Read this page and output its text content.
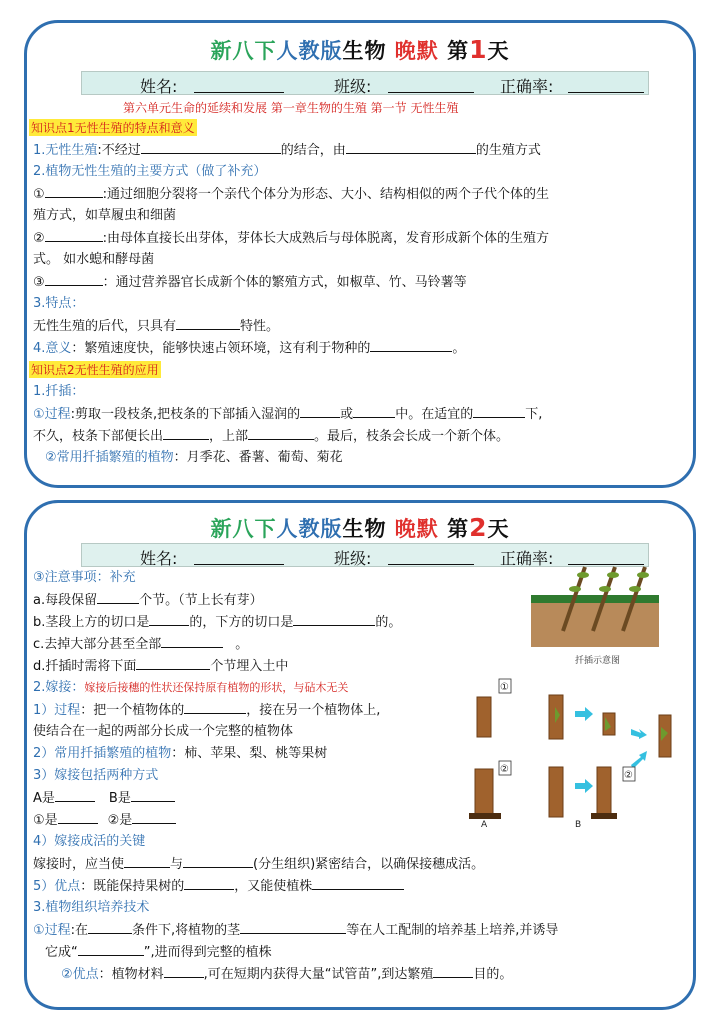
新八下人教版生物 晚默 第1天
姓名:	班级:	正确率:
第六单元生命的延续和发展 第一章生物的生殖 第一节 无性生殖
知识点1无性生殖的特点和意义
1.无性生殖:不经过	的结合，由	的生殖方式
2.植物无性生殖的主要方式（做了补充）
①	:通过细胞分裂将一个亲代个体分为形态、大小、结构相似的两个子代个体的生
殖方式，如草履虫和细菌
②	:由母体直接长出芽体，芽体长大成熟后与母体脱离，发育形成新个体的生殖方
式。 如水螅和酵母菌
③	：通过营养器官长成新个体的繁殖方式，如椒草、竹、马铃薯等
3.特点：
无性生殖的后代，只具有	特性。
4.意义：繁殖速度快，能够快速占领环境，这有利于物种的	。
知识点2无性生殖的应用
1.扦插：
①过程:剪取一段枝条,把枝条的下部插入湿润的	或	中。在适宜的	下,
不久，枝条下部便长出	，上部	。最后，枝条会长成一个新个体。
②常用扦插繁殖的植物：月季花、番薯、葡萄、菊花
新八下人教版生物 晚默 第2天
姓名:	班级:	正确率:
③注意事项：补充
a.每段保留	个节。（节上长有芽）
b.茎段上方的切口是	的，下方的切口是	的。
c.去掉大部分甚至全部	。
d.扦插时需将下面	个节埋入土中
2.嫁接：嫁接后接穗的性状还保持原有植物的形状，与砧木无关
1）过程：把一个植物体的	，接在另一个植物体上,
使结合在一起的两部分长成一个完整的植物体
2）常用扦插繁殖的植物：柿、苹果、梨、桃等果树
3）嫁接包括两种方式
A是	B是
①是	②是
4）嫁接成活的关键
嫁接时，应当使	与	(分生组织)紧密结合，以确保接穗成活。
5）优点：既能保持果树的	，又能使植株
3.植物组织培养技术
①过程:在	条件下,将植物的茎	等在人工配制的培养基上培养,并诱导
它成“	”,进而得到完整的植株
②优点：植物材料	,可在短期内获得大量“试管苗”,到达繁殖	目的。
扦插示意图
①
②
②
A	B
